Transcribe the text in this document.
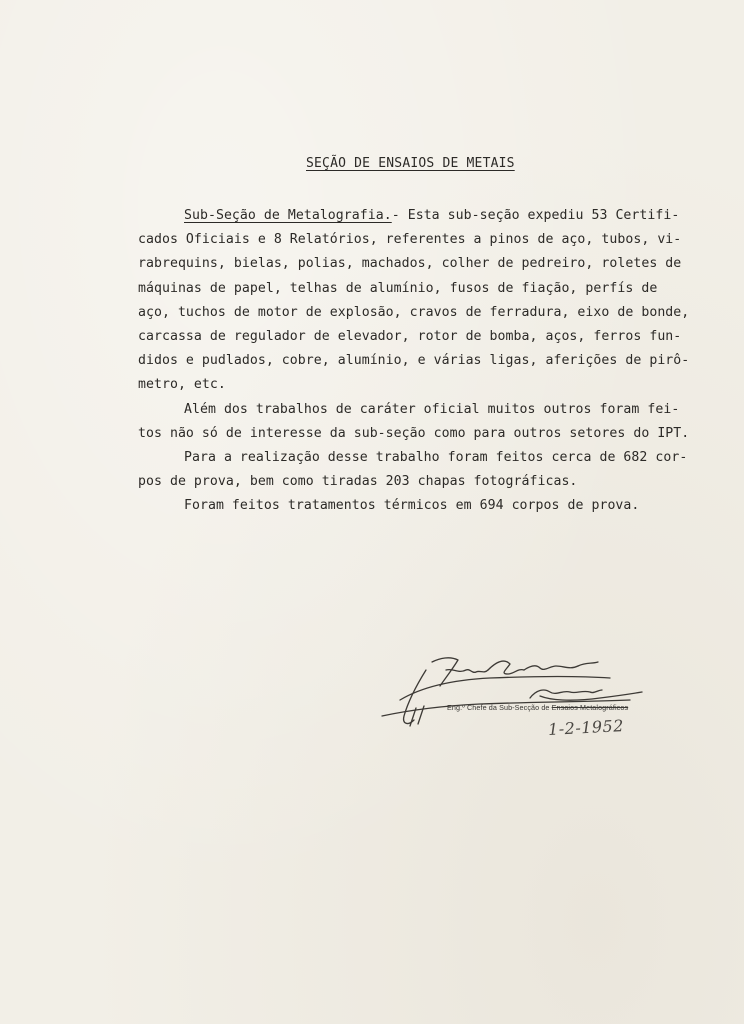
SEÇÃO DE ENSAIOS DE METAIS
Sub-Seção de Metalografia. - Esta sub-seção expediu 53 Certifi-
cados Oficiais e 8 Relatórios, referentes a pinos de aço, tubos, vi-
rabrequins, bielas, polias, machados, colher de pedreiro, roletes de
máquinas de papel, telhas de alumínio, fusos de fiação, perfís de
aço, tuchos de motor de explosão, cravos de ferradura, eixo de bonde,
carcassa de regulador de elevador, rotor de bomba, aços, ferros fun-
didos e pudlados, cobre, alumínio, e várias ligas, aferições de pirô-
metro, etc.
Além dos trabalhos de caráter oficial muitos outros foram fei-
tos não só de interesse da sub-seção como para outros setores do IPT.
Para a realização desse trabalho foram feitos cerca de 682 cor-
pos de prova, bem como tiradas 203 chapas fotográficas.
Foram feitos tratamentos térmicos em 694 corpos de prova.
Eng.º Chefe da Sub-Secção de Ensaios Metalográficos
1-2-1952
